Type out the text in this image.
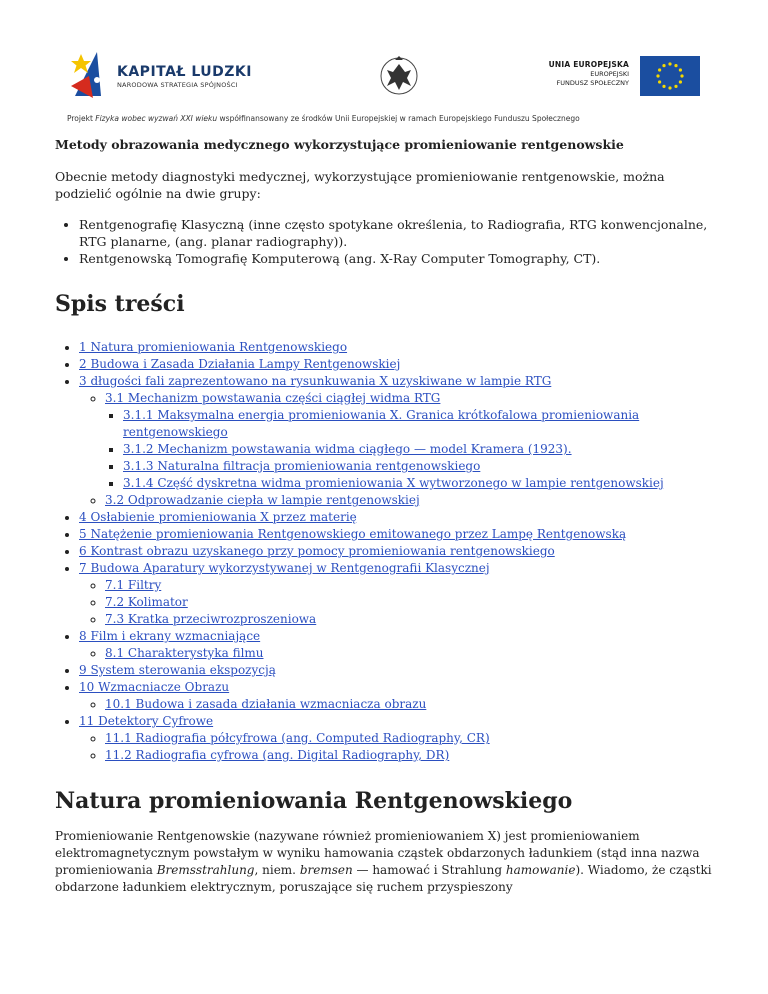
KAPITAŁ LUDZKI
NARODOWA STRATEGIA SPÓJNOŚCI
UNIA EUROPEJSKA
EUROPEJSKI
FUNDUSZ SPOŁECZNY
Projekt Fizyka wobec wyzwań XXI wieku współfinansowany ze środków Unii Europejskiej w ramach Europejskiego Funduszu Społecznego
Metody obrazowania medycznego wykorzystujące promieniowanie rentgenowskie

Obecnie metody diagnostyki medycznej, wykorzystujące promieniowanie rentgenowskie, można podzielić ogólnie na dwie grupy:

• Rentgenografię Klasyczną (inne często spotykane określenia, to Radiografia, RTG konwencjonalne, RTG planarne, (ang. planar radiography)).
• Rentgenowską Tomografię Komputerową (ang. X-Ray Computer Tomography, CT).
Spis treści
• 1 Natura promieniowania Rentgenowskiego
• 2 Budowa i Zasada Działania Lampy Rentgenowskiej
• 3 długości fali zaprezentowano na rysunkuwania X uzyskiwane w lampie RTG
◦ 3.1 Mechanizm powstawania części ciągłej widma RTG
▪ 3.1.1 Maksymalna energia promieniowania X. Granica krótkofalowa promieniowania rentgenowskiego
▪ 3.1.2 Mechanizm powstawania widma ciągłego — model Kramera (1923).
▪ 3.1.3 Naturalna filtracja promieniowania rentgenowskiego
▪ 3.1.4 Część dyskretna widma promieniowania X wytworzonego w lampie rentgenowskiej
◦ 3.2 Odprowadzanie ciepła w lampie rentgenowskiej
• 4 Osłabienie promieniowania X przez materię
• 5 Natężenie promieniowania Rentgenowskiego emitowanego przez Lampę Rentgenowską
• 6 Kontrast obrazu uzyskanego przy pomocy promieniowania rentgenowskiego
• 7 Budowa Aparatury wykorzystywanej w Rentgenografii Klasycznej
◦ 7.1 Filtry
◦ 7.2 Kolimator
◦ 7.3 Kratka przeciwrozproszeniowa
• 8 Film i ekrany wzmacniające
◦ 8.1 Charakterystyka filmu
• 9 System sterowania ekspozycją
• 10 Wzmacniacze Obrazu
◦ 10.1 Budowa i zasada działania wzmacniacza obrazu
• 11 Detektory Cyfrowe
◦ 11.1 Radiografia półcyfrowa (ang. Computed Radiography, CR)
◦ 11.2 Radiografia cyfrowa (ang. Digital Radiography, DR)
Natura promieniowania Rentgenowskiego

Promieniowanie Rentgenowskie (nazywane również promieniowaniem X) jest promieniowaniem elektromagnetycznym powstałym w wyniku hamowania cząstek obdarzonych ładunkiem (stąd inna nazwa promieniowania Bremsstrahlung, niem. bremsen — hamować i Strahlung hamowanie). Wiadomo, że cząstki obdarzone ładunkiem elektrycznym, poruszające się ruchem przyspieszony
